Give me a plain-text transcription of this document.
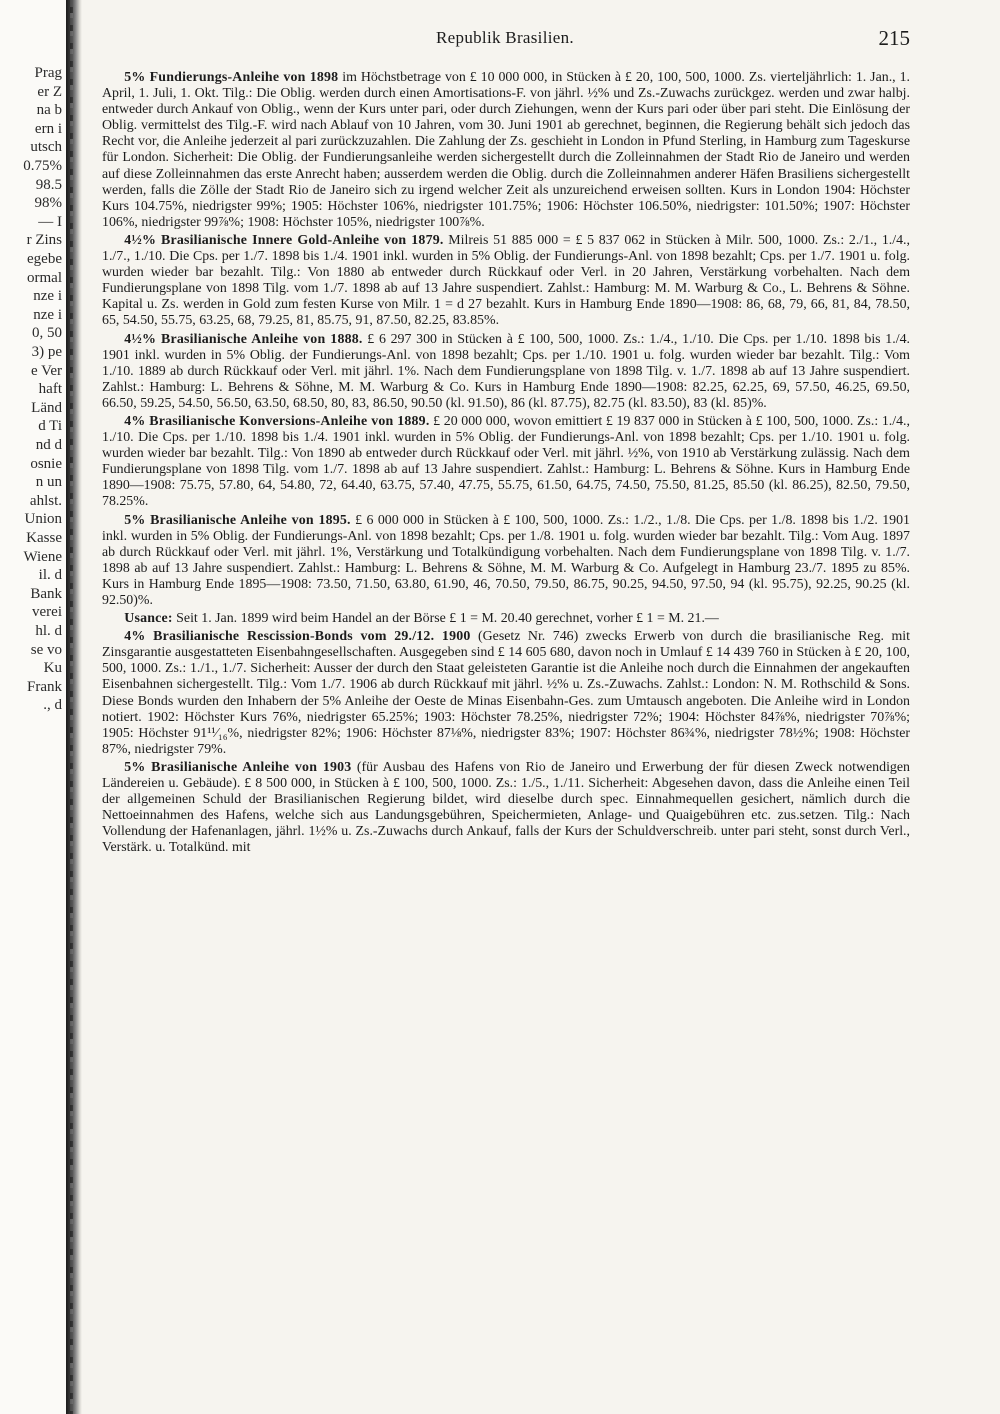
Prag
er Z
na b
ern i
utsch
0.75%
98.5
98%
— I
r Zins
egebe
ormal
nze i
nze i
0, 50
3) pe
e Ver
haft
Länd
d Ti
nd d
osnie
n un
ahlst.
Union
Kasse
Wiene
il. d
Bank
verei
hl. d
se vo
Ku
Frank
., d
Republik Brasilien.	215

5% Fundierungs-Anleihe von 1898 im Höchstbetrage von £ 10 000 000, in Stücken à £ 20, 100, 500, 1000. Zs. vierteljährlich: 1. Jan., 1. April, 1. Juli, 1. Okt. Tilg.: Die Oblig. werden durch einen Amortisations-F. von jährl. ½% und Zs.-Zuwachs zurückgez. werden und zwar halbj. entweder durch Ankauf von Oblig., wenn der Kurs unter pari, oder durch Ziehungen, wenn der Kurs pari oder über pari steht. Die Einlösung der Oblig. vermittelst des Tilg.-F. wird nach Ablauf von 10 Jahren, vom 30. Juni 1901 ab gerechnet, beginnen, die Regierung behält sich jedoch das Recht vor, die Anleihe jederzeit al pari zurückzuzahlen. Die Zahlung der Zs. geschieht in London in Pfund Sterling, in Hamburg zum Tageskurse für London. Sicherheit: Die Oblig. der Fundierungsanleihe werden sichergestellt durch die Zolleinnahmen der Stadt Rio de Janeiro und werden auf diese Zolleinnahmen das erste Anrecht haben; ausserdem werden die Oblig. durch die Zolleinnahmen anderer Häfen Brasiliens sichergestellt werden, falls die Zölle der Stadt Rio de Janeiro sich zu irgend welcher Zeit als unzureichend erweisen sollten. Kurs in London 1904: Höchster Kurs 104.75%, niedrigster 99%; 1905: Höchster 106%, niedrigster 101.75%; 1906: Höchster 106.50%, niedrigster: 101.50%; 1907: Höchster 106%, niedrigster 99⅞%; 1908: Höchster 105%, niedrigster 100⅞%.

4½% Brasilianische Innere Gold-Anleihe von 1879. Milreis 51 885 000 = £ 5 837 062 in Stücken à Milr. 500, 1000. Zs.: 2./1., 1./4., 1./7., 1./10. Die Cps. per 1./7. 1898 bis 1./4. 1901 inkl. wurden in 5% Oblig. der Fundierungs-Anl. von 1898 bezahlt; Cps. per 1./7. 1901 u. folg. wurden wieder bar bezahlt. Tilg.: Von 1880 ab entweder durch Rückkauf oder Verl. in 20 Jahren, Verstärkung vorbehalten. Nach dem Fundierungsplane von 1898 Tilg. vom 1./7. 1898 ab auf 13 Jahre suspendiert. Zahlst.: Hamburg: M. M. Warburg & Co., L. Behrens & Söhne. Kapital u. Zs. werden in Gold zum festen Kurse von Milr. 1 = d 27 bezahlt. Kurs in Hamburg Ende 1890—1908: 86, 68, 79, 66, 81, 84, 78.50, 65, 54.50, 55.75, 63.25, 68, 79.25, 81, 85.75, 91, 87.50, 82.25, 83.85%.

4½% Brasilianische Anleihe von 1888. £ 6 297 300 in Stücken à £ 100, 500, 1000. Zs.: 1./4., 1./10. Die Cps. per 1./10. 1898 bis 1./4. 1901 inkl. wurden in 5% Oblig. der Fundierungs-Anl. von 1898 bezahlt; Cps. per 1./10. 1901 u. folg. wurden wieder bar bezahlt. Tilg.: Vom 1./10. 1889 ab durch Rückkauf oder Verl. mit jährl. 1%. Nach dem Fundierungsplane von 1898 Tilg. v. 1./7. 1898 ab auf 13 Jahre suspendiert. Zahlst.: Hamburg: L. Behrens & Söhne, M. M. Warburg & Co. Kurs in Hamburg Ende 1890—1908: 82.25, 62.25, 69, 57.50, 46.25, 69.50, 66.50, 59.25, 54.50, 56.50, 63.50, 68.50, 80, 83, 86.50, 90.50 (kl. 91.50), 86 (kl. 87.75), 82.75 (kl. 83.50), 83 (kl. 85)%.

4% Brasilianische Konversions-Anleihe von 1889. £ 20 000 000, wovon emittiert £ 19 837 000 in Stücken à £ 100, 500, 1000. Zs.: 1./4., 1./10. Die Cps. per 1./10. 1898 bis 1./4. 1901 inkl. wurden in 5% Oblig. der Fundierungs-Anl. von 1898 bezahlt; Cps. per 1./10. 1901 u. folg. wurden wieder bar bezahlt. Tilg.: Von 1890 ab entweder durch Rückkauf oder Verl. mit jährl. ½%, von 1910 ab Verstärkung zulässig. Nach dem Fundierungsplane von 1898 Tilg. vom 1./7. 1898 ab auf 13 Jahre suspendiert. Zahlst.: Hamburg: L. Behrens & Söhne. Kurs in Hamburg Ende 1890—1908: 75.75, 57.80, 64, 54.80, 72, 64.40, 63.75, 57.40, 47.75, 55.75, 61.50, 64.75, 74.50, 75.50, 81.25, 85.50 (kl. 86.25), 82.50, 79.50, 78.25%.

5% Brasilianische Anleihe von 1895. £ 6 000 000 in Stücken à £ 100, 500, 1000. Zs.: 1./2., 1./8. Die Cps. per 1./8. 1898 bis 1./2. 1901 inkl. wurden in 5% Oblig. der Fundierungs-Anl. von 1898 bezahlt; Cps. per 1./8. 1901 u. folg. wurden wieder bar bezahlt. Tilg.: Vom Aug. 1897 ab durch Rückkauf oder Verl. mit jährl. 1%, Verstärkung und Totalkündigung vorbehalten. Nach dem Fundierungsplane von 1898 Tilg. v. 1./7. 1898 ab auf 13 Jahre suspendiert. Zahlst.: Hamburg: L. Behrens & Söhne, M. M. Warburg & Co. Aufgelegt in Hamburg 23./7. 1895 zu 85%. Kurs in Hamburg Ende 1895—1908: 73.50, 71.50, 63.80, 61.90, 46, 70.50, 79.50, 86.75, 90.25, 94.50, 97.50, 94 (kl. 95.75), 92.25, 90.25 (kl. 92.50)%.

Usance: Seit 1. Jan. 1899 wird beim Handel an der Börse £ 1 = M. 20.40 gerechnet, vorher £ 1 = M. 21.—

4% Brasilianische Rescission-Bonds vom 29./12. 1900 (Gesetz Nr. 746) zwecks Erwerb von durch die brasilianische Reg. mit Zinsgarantie ausgestatteten Eisenbahngesellschaften. Ausgegeben sind £ 14 605 680, davon noch in Umlauf £ 14 439 760 in Stücken à £ 20, 100, 500, 1000. Zs.: 1./1., 1./7. Sicherheit: Ausser der durch den Staat geleisteten Garantie ist die Anleihe noch durch die Einnahmen der angekauften Eisenbahnen sichergestellt. Tilg.: Vom 1./7. 1906 ab durch Rückkauf mit jährl. ½% u. Zs.-Zuwachs. Zahlst.: London: N. M. Rothschild & Sons. Diese Bonds wurden den Inhabern der 5% Anleihe der Oeste de Minas Eisenbahn-Ges. zum Umtausch angeboten. Die Anleihe wird in London notiert. 1902: Höchster Kurs 76%, niedrigster 65.25%; 1903: Höchster 78.25%, niedrigster 72%; 1904: Höchster 84⅞%, niedrigster 70⅞%; 1905: Höchster 91¹¹⁄₁₆%, niedrigster 82%; 1906: Höchster 87⅛%, niedrigster 83%; 1907: Höchster 86¾%, niedrigster 78½%; 1908: Höchster 87%, niedrigster 79%.

5% Brasilianische Anleihe von 1903 (für Ausbau des Hafens von Rio de Janeiro und Erwerbung der für diesen Zweck notwendigen Ländereien u. Gebäude). £ 8 500 000, in Stücken à £ 100, 500, 1000. Zs.: 1./5., 1./11. Sicherheit: Abgesehen davon, dass die Anleihe einen Teil der allgemeinen Schuld der Brasilianischen Regierung bildet, wird dieselbe durch spec. Einnahmequellen gesichert, nämlich durch die Nettoeinnahmen des Hafens, welche sich aus Landungsgebühren, Speichermieten, Anlage- und Quaigebühren etc. zus.setzen. Tilg.: Nach Vollendung der Hafenanlagen, jährl. 1½% u. Zs.-Zuwachs durch Ankauf, falls der Kurs der Schuldverschreib. unter pari steht, sonst durch Verl., Verstärk. u. Totalkünd. mit
